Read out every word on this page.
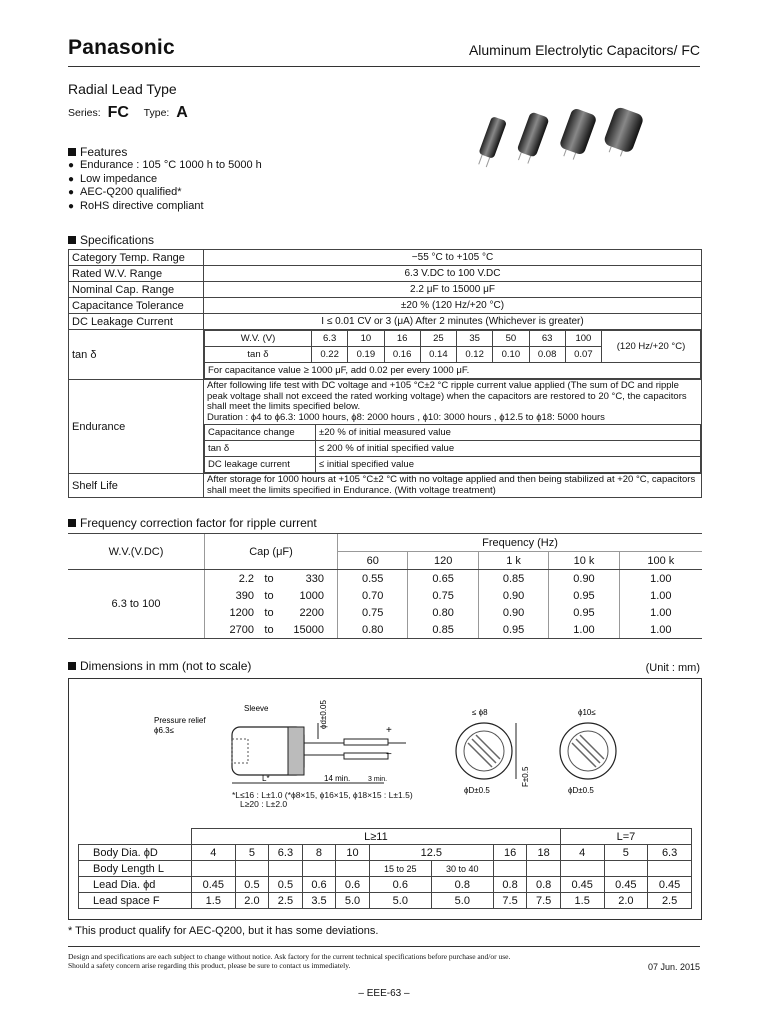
Panasonic	Aluminum Electrolytic Capacitors/ FC
Radial Lead Type
Series: FC Type: A
Features
● Endurance : 105 °C 1000 h to 5000 h
● Low impedance
● AEC-Q200 qualified*
● RoHS directive compliant
Specifications
Category Temp. Range	−55 °C to +105 °C
Rated W.V. Range	6.3 V.DC to 100 V.DC
Nominal Cap. Range	2.2 μF to 15000 μF
Capacitance Tolerance	±20 % (120 Hz/+20 °C)
DC Leakage Current	I ≤ 0.01 CV or 3 (μA) After 2 minutes (Whichever is greater)
tan δ	
W.V. (V)	6.3	10	16	25	35	50	63	100	(120 Hz/+20 °C)
tan δ	0.22	0.19	0.16	0.14	0.12	0.10	0.08	0.07
For capacitance value ≥ 1000 μF, add 0.02 per every 1000 μF.

Endurance	
After following life test with DC voltage and +105 °C±2 °C ripple current value applied (The sum of DC and ripple peak voltage shall not exceed the rated working voltage) when the capacitors are restored to 20 °C, the capacitors shall meet the limits specified below.
Duration : ϕ4 to ϕ6.3: 1000 hours, ϕ8: 2000 hours , ϕ10: 3000 hours , ϕ12.5 to ϕ18: 5000 hours
Capacitance change	±20 % of initial measured value
tan δ	≤ 200 % of initial specified value
DC leakage current	≤ initial specified value

Shelf Life	After storage for 1000 hours at +105 °C±2 °C with no voltage applied and then being stabilized at +20 °C, capacitors shall meet the limits specified in Endurance. (With voltage treatment)
Frequency correction factor for ripple current
W.V.(V.DC)	Cap (μF)	Frequency (Hz)				
		60	120	1 k	10 k	100 k
6.3 to 100	2.2 to 330	0.55	0.65	0.85	0.90	1.00
	390 to 1000	0.70	0.75	0.90	0.95	1.00
	1200 to 2200	0.75	0.80	0.90	0.95	1.00
	2700 to 15000	0.80	0.85	0.95	1.00	1.00
Dimensions in mm (not to scale)	(Unit : mm)
Sleeve
Pressure relief
ϕ6.3≤
ϕd±0.05
L*	14 min.	3 min.
+
−
≤ ϕ8
ϕD±0.5
F±0.5
ϕ10≤
ϕD±0.5
*L≤16 : L±1.0 (*ϕ8×15, ϕ16×15, ϕ18×15 : L±1.5)
L≥20 : L±2.0
	L≥11									L=7		
Body Dia. ϕD	4	5	6.3	8	10	12.5		16	18	4	5	6.3
Body Length L						15 to 25	30 to 40					
Lead Dia. ϕd	0.45	0.5	0.5	0.6	0.6	0.6	0.8	0.8	0.8	0.45	0.45	0.45
Lead space F	1.5	2.0	2.5	3.5	5.0	5.0	5.0	7.5	7.5	1.5	2.0	2.5
* This product qualify for AEC-Q200, but it has some deviations.
Design and specifications are each subject to change without notice. Ask factory for the current technical specifications before purchase and/or use.
Should a safety concern arise regarding this product, please be sure to contact us immediately.	07 Jun. 2015
– EEE-63 –
